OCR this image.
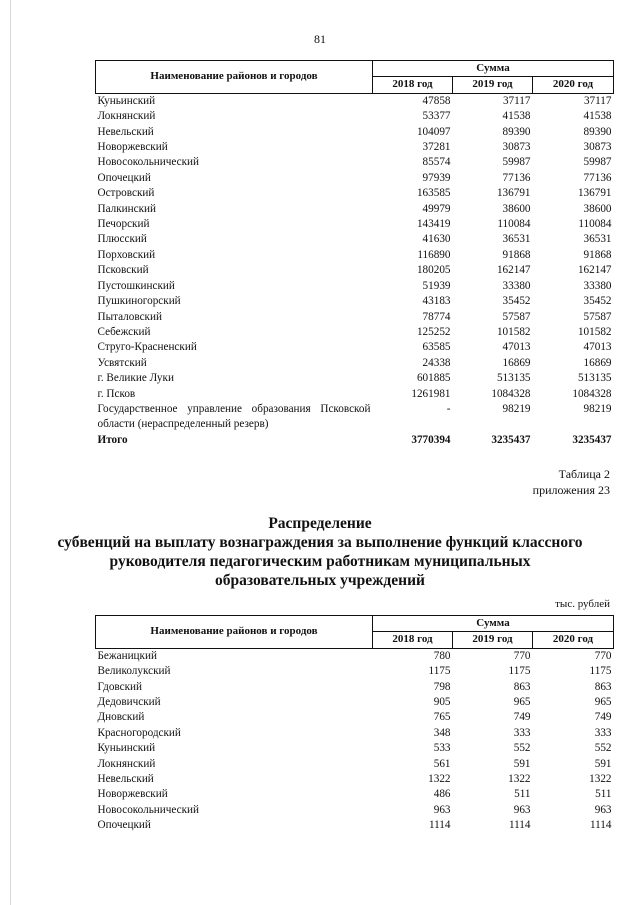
81
Наименование районов и городов	Сумма		
	2018 год	2019 год	2020 год
Куньинский	47858	37117	37117
Локнянский	53377	41538	41538
Невельский	104097	89390	89390
Новоржевский	37281	30873	30873
Новосокольнический	85574	59987	59987
Опочецкий	97939	77136	77136
Островский	163585	136791	136791
Палкинский	49979	38600	38600
Печорский	143419	110084	110084
Плюсский	41630	36531	36531
Порховский	116890	91868	91868
Псковский	180205	162147	162147
Пустошкинский	51939	33380	33380
Пушкиногорский	43183	35452	35452
Пыталовский	78774	57587	57587
Себежский	125252	101582	101582
Струго-Красненский	63585	47013	47013
Усвятский	24338	16869	16869
г. Великие Луки	601885	513135	513135
г. Псков	1261981	1084328	1084328
Государственное управление образования Псковской области (нераспределенный резерв)	-	98219	98219
Итого	3770394	3235437	3235437
Таблица 2
приложения 23
Распределение
субвенций на выплату вознаграждения за выполнение функций классного
руководителя педагогическим работникам муниципальных
образовательных учреждений
тыс. рублей
Наименование районов и городов	Сумма		
	2018 год	2019 год	2020 год
Бежаницкий	780	770	770
Великолукский	1175	1175	1175
Гдовский	798	863	863
Дедовичский	905	965	965
Дновский	765	749	749
Красногородский	348	333	333
Куньинский	533	552	552
Локнянский	561	591	591
Невельский	1322	1322	1322
Новоржевский	486	511	511
Новосокольнический	963	963	963
Опочецкий	1114	1114	1114
